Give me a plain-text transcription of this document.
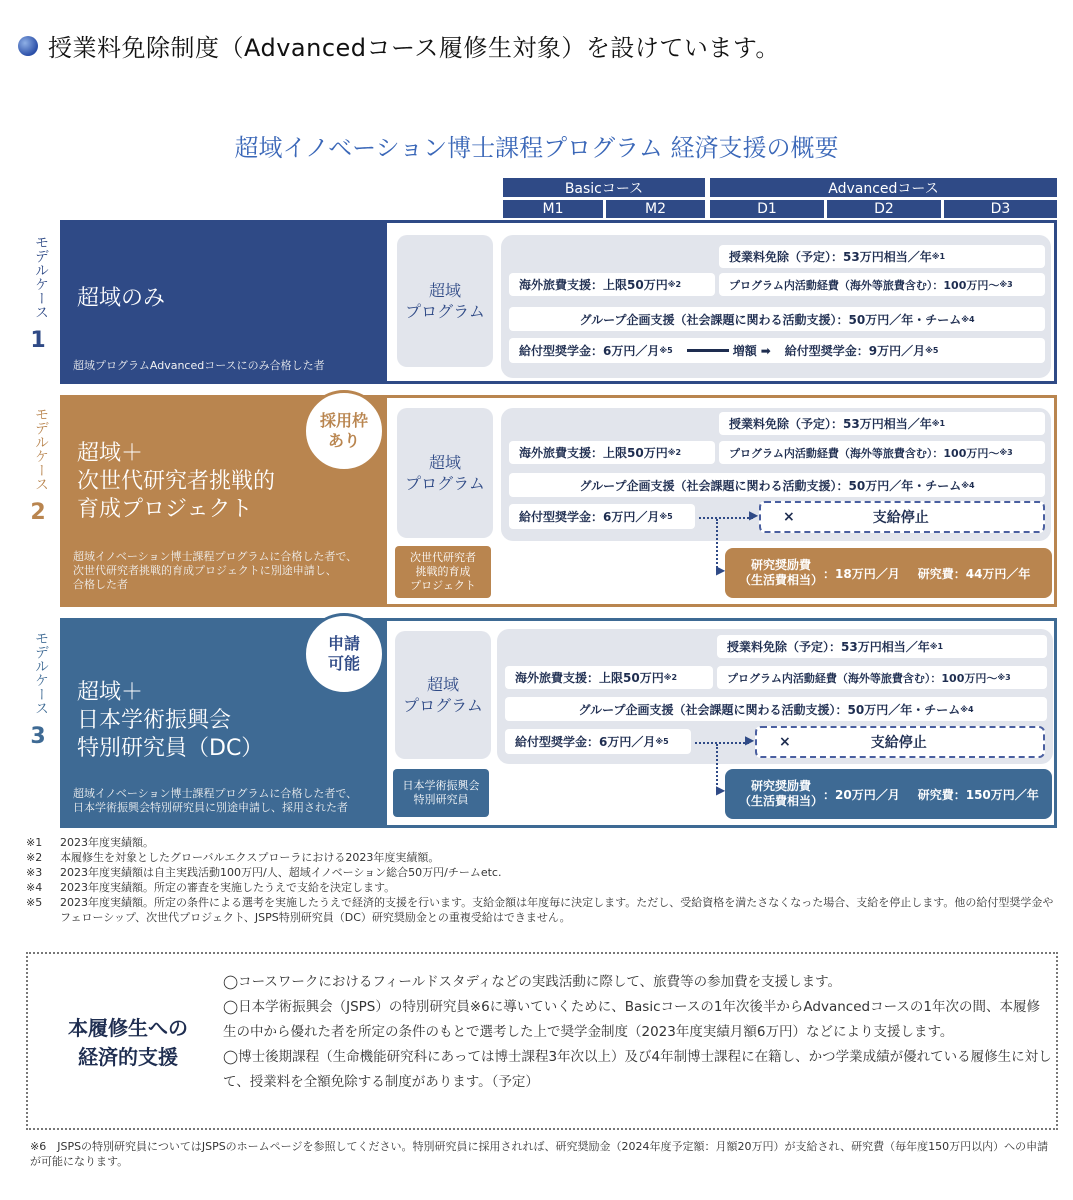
授業料免除制度（Advancedコース履修生対象）を設けています。
超域イノベーション博士課程プログラム 経済支援の概要
Basicコース	Advancedコース
M1	M2	D1	D2	D3
モデルケース
1
超域のみ
超域プログラムAdvancedコースにのみ合格した者
超域
プログラム
授業料免除（予定）：53万円相当／年 ※1
海外旅費支援：上限50万円 ※2	プログラム内活動経費（海外等旅費含む）：100万円～ ※3
グループ企画支援（社会課題に関わる活動支援）：50万円／年・チーム ※4
給付型奨学金：6万円／月 ※5	増額 ➡ 給付型奨学金：9万円／月 ※5
モデルケース
2
超域＋
次世代研究者挑戦的
育成プロジェクト
超域イノベーション博士課程プログラムに合格した者で、
次世代研究者挑戦的育成プロジェクトに別途申請し、
合格した者
採用枠
あり
超域
プログラム
次世代研究者
挑戦的育成
プロジェクト
授業料免除（予定）：53万円相当／年 ※1
海外旅費支援：上限50万円 ※2	プログラム内活動経費（海外等旅費含む）：100万円～ ※3
グループ企画支援（社会課題に関わる活動支援）：50万円／年・チーム ※4
給付型奨学金：6万円／月 ※5	▶ ×	支給停止
▶	研究奨励費
（生活費相当） ：18万円／月 研究費：44万円／年
モデルケース
3
超域＋
日本学術振興会
特別研究員（DC）
超域イノベーション博士課程プログラムに合格した者で、
日本学術振興会特別研究員に別途申請し、採用された者
申請
可能
超域
プログラム
日本学術振興会
特別研究員
授業料免除（予定）：53万円相当／年 ※1
海外旅費支援：上限50万円 ※2	プログラム内活動経費（海外等旅費含む）：100万円～ ※3
グループ企画支援（社会課題に関わる活動支援）：50万円／年・チーム ※4
給付型奨学金：6万円／月 ※5	▶ ×	支給停止
▶	研究奨励費
（生活費相当） ：20万円／月 研究費：150万円／年
※1	2023年度実績額。
※2	本履修生を対象としたグローバルエクスプローラにおける2023年度実績額。
※3	2023年度実績額は自主実践活動100万円/人、超域イノベーション総合50万円/チームetc.
※4	2023年度実績額。所定の審査を実施したうえで支給を決定します。
※5	2023年度実績額。所定の条件による選考を実施したうえで経済的支援を行います。支給金額は年度毎に決定します。ただし、受給資格を満たさなくなった場合、支給を停止します。他の給付型奨学金やフェローシップ、次世代プロジェクト、JSPS特別研究員（DC）研究奨励金との重複受給はできません。
本履修生への
経済的支援
◯コースワークにおけるフィールドスタディなどの実践活動に際して、旅費等の参加費を支援します。
◯日本学術振興会（JSPS）の特別研究員※6に導いていくために、Basicコースの1年次後半からAdvancedコースの1年次の間、本履修生の中から優れた者を所定の条件のもとで選考した上で奨学金制度（2023年度実績月額6万円）などにより支援します。
◯博士後期課程（生命機能研究科にあっては博士課程3年次以上）及び4年制博士課程に在籍し、かつ学業成績が優れている履修生に対して、授業料を全額免除する制度があります。（予定）
※6　JSPSの特別研究員についてはJSPSのホームページを参照してください。特別研究員に採用されれば、研究奨励金（2024年度予定額：月額20万円）が支給され、研究費（毎年度150万円以内）への申請が可能になります。
